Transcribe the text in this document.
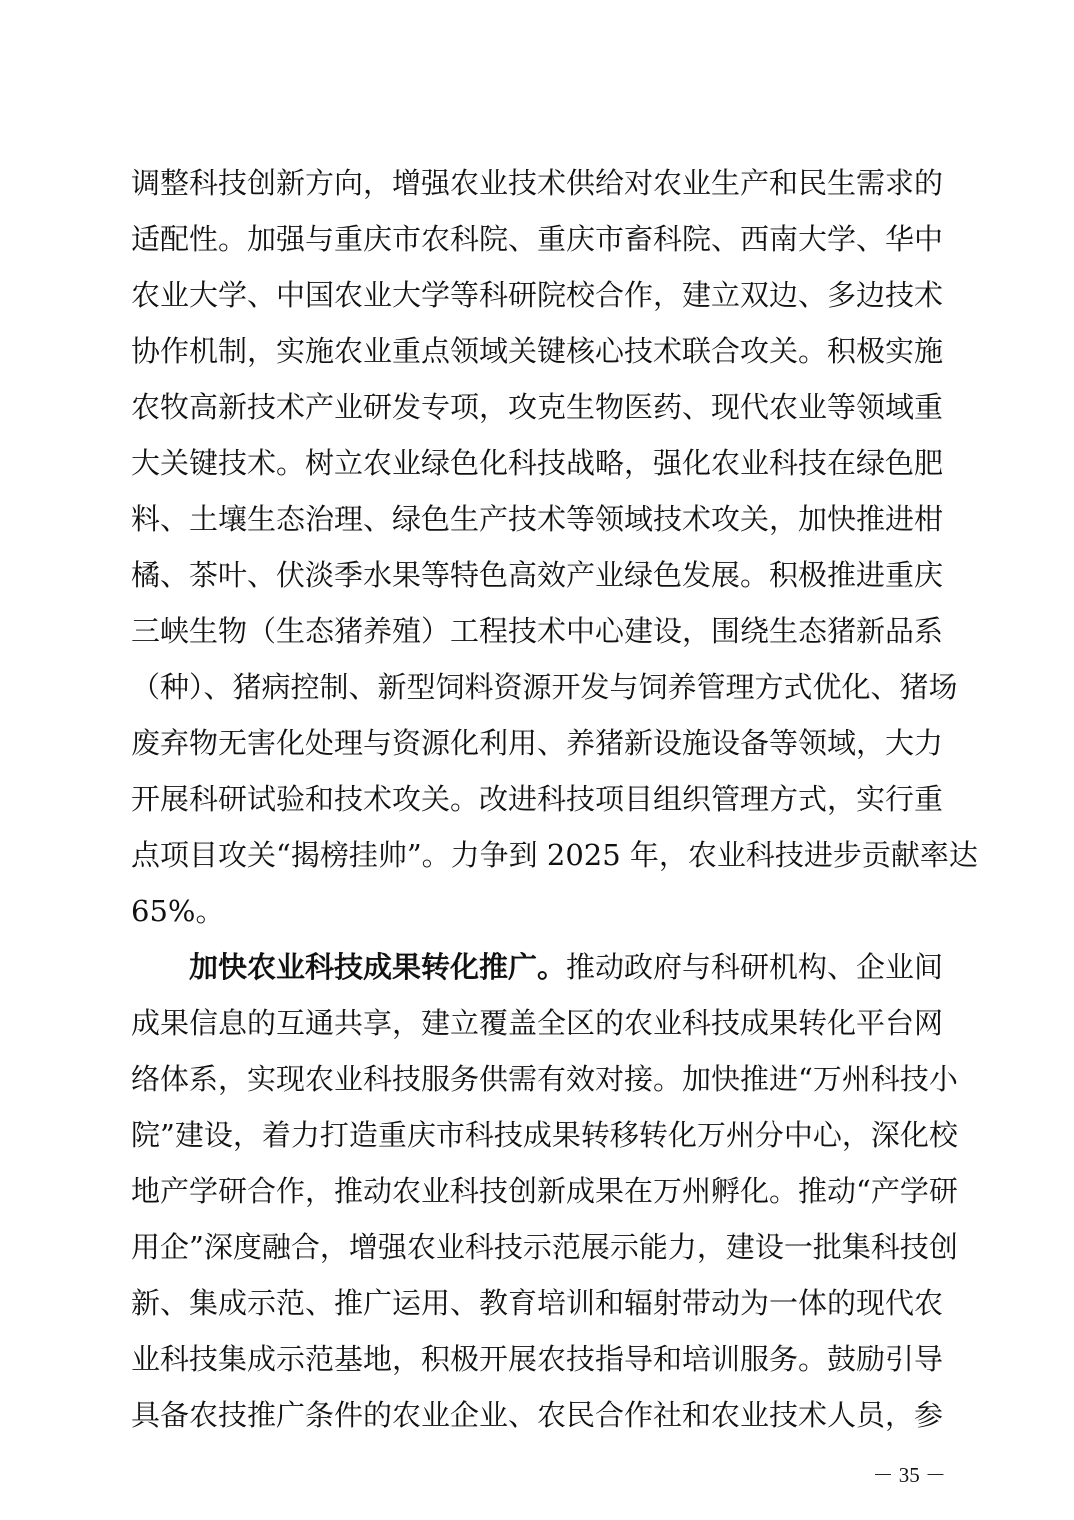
调整科技创新方向，增强农业技术供给对农业生产和民生需求的
适配性。加强与重庆市农科院、重庆市畜科院、西南大学、华中
农业大学、中国农业大学等科研院校合作，建立双边、多边技术
协作机制，实施农业重点领域关键核心技术联合攻关。积极实施
农牧高新技术产业研发专项，攻克生物医药、现代农业等领域重
大关键技术。树立农业绿色化科技战略，强化农业科技在绿色肥
料、土壤生态治理、绿色生产技术等领域技术攻关，加快推进柑
橘、茶叶、伏淡季水果等特色高效产业绿色发展。积极推进重庆
三峡生物（生态猪养殖）工程技术中心建设，围绕生态猪新品系
（种）、猪病控制、新型饲料资源开发与饲养管理方式优化、猪场
废弃物无害化处理与资源化利用、养猪新设施设备等领域，大力
开展科研试验和技术攻关。改进科技项目组织管理方式，实行重
点项目攻关“揭榜挂帅”。力争到 2025 年，农业科技进步贡献率达
65%。
加快农业科技成果转化推广。推动政府与科研机构、企业间
成果信息的互通共享，建立覆盖全区的农业科技成果转化平台网
络体系，实现农业科技服务供需有效对接。加快推进“万州科技小
院”建设，着力打造重庆市科技成果转移转化万州分中心，深化校
地产学研合作，推动农业科技创新成果在万州孵化。推动“产学研
用企”深度融合，增强农业科技示范展示能力，建设一批集科技创
新、集成示范、推广运用、教育培训和辐射带动为一体的现代农
业科技集成示范基地，积极开展农技指导和培训服务。鼓励引导
具备农技推广条件的农业企业、农民合作社和农业技术人员，参
－ 35 －
